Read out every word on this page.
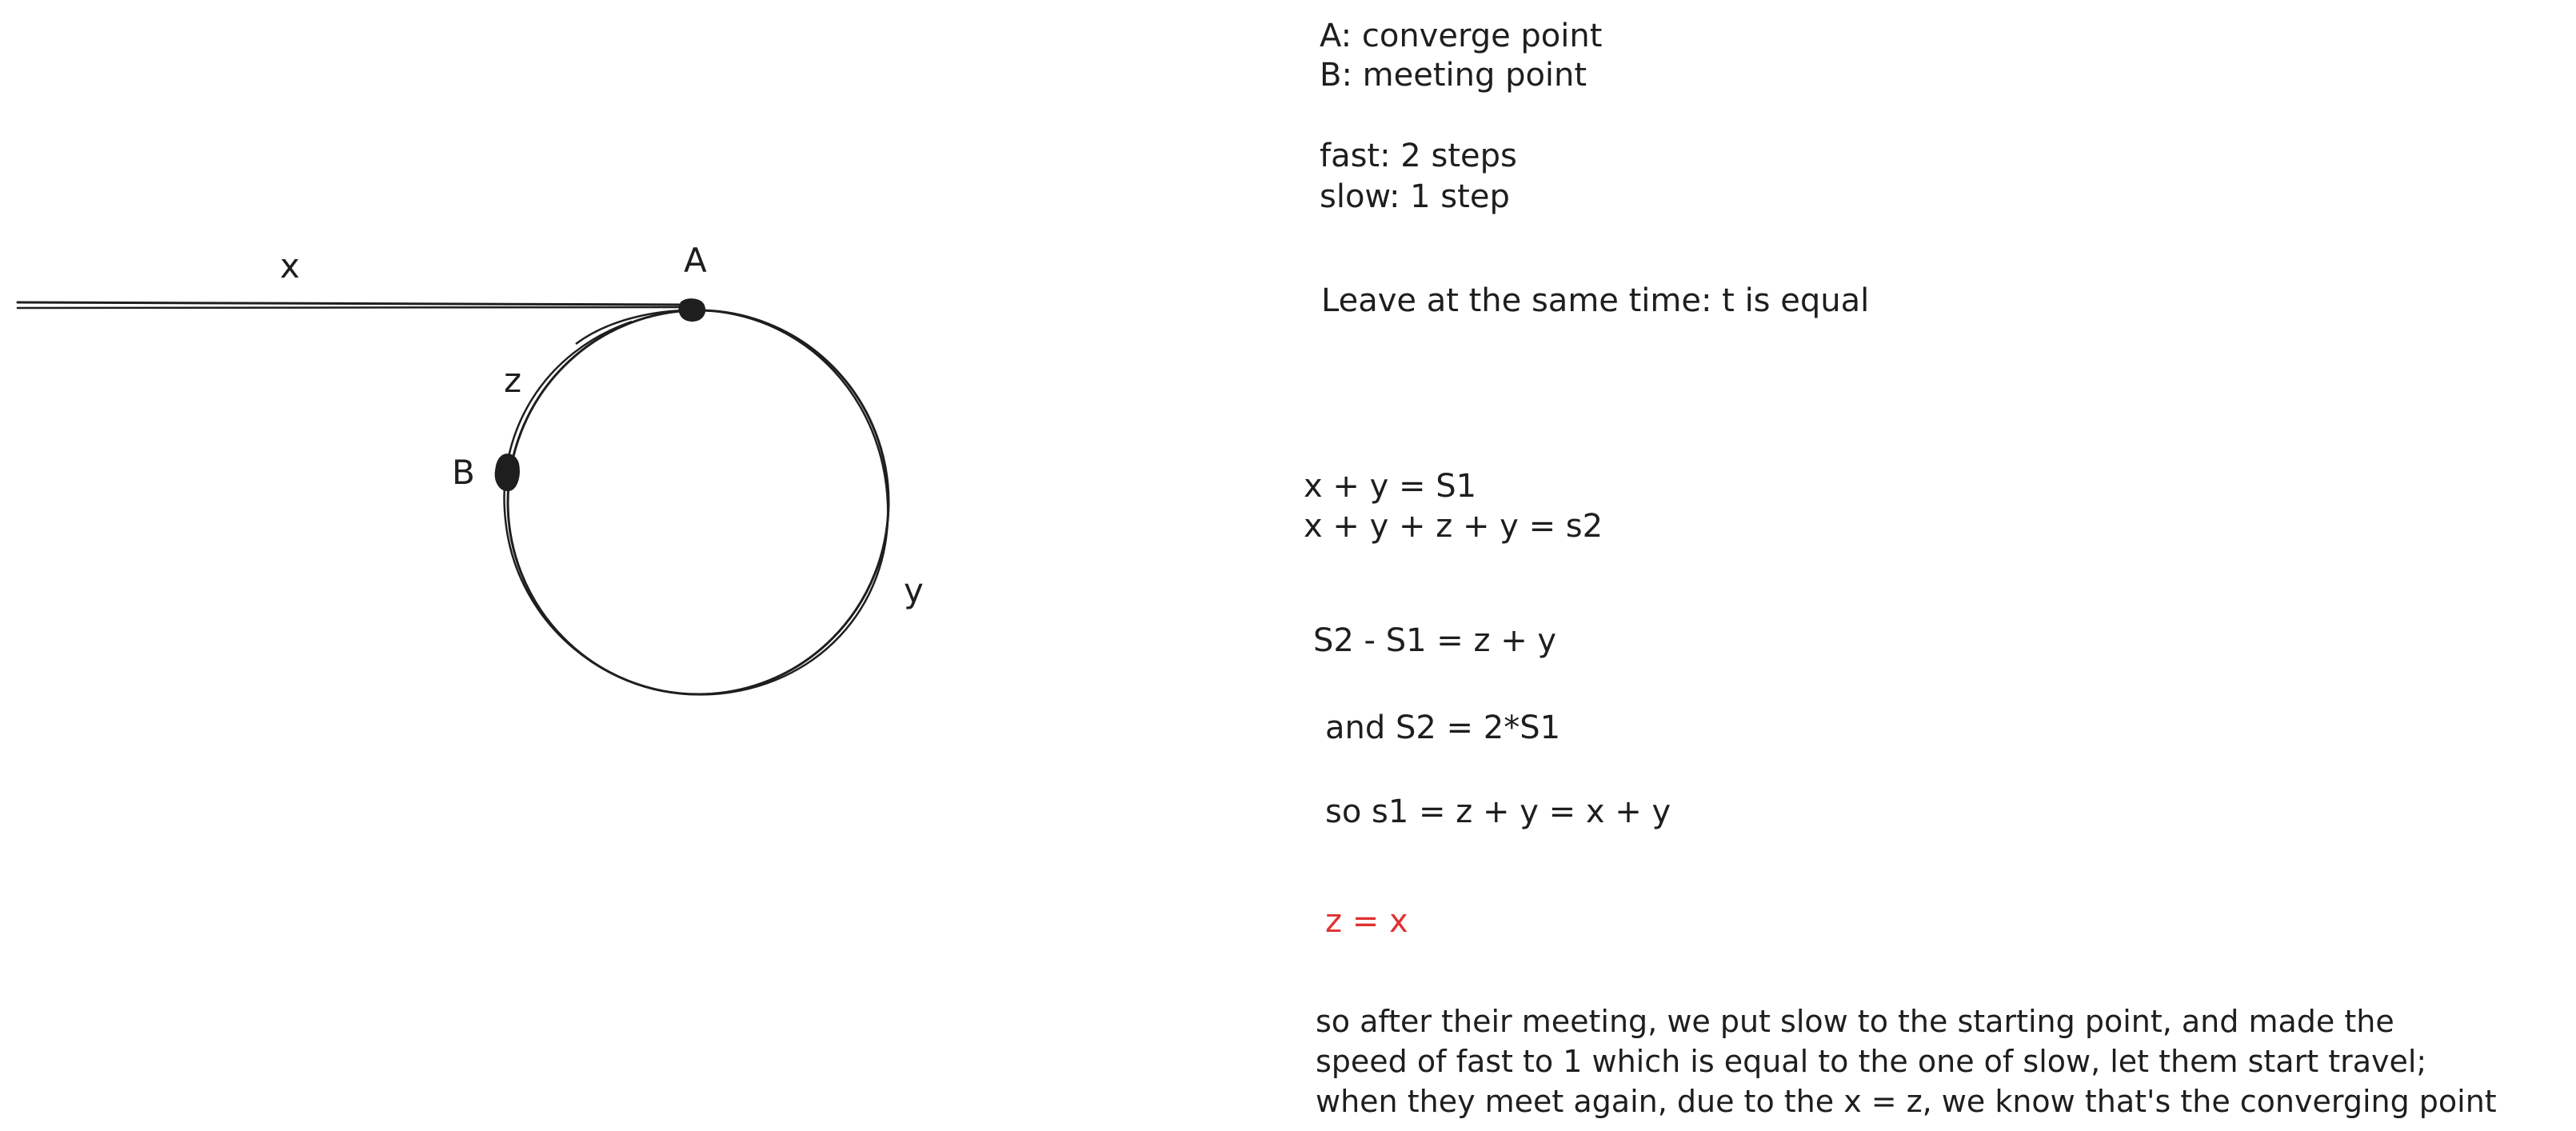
x	A
z
B
y
A: converge point
B: meeting point
fast: 2 steps
slow: 1 step
Leave at the same time: t is equal
x + y = S1
x + y + z + y = s2
S2 - S1 = z + y
and S2 = 2*S1
so s1 = z + y = x + y
z = x
so after their meeting, we put slow to the starting point, and made the
speed of fast to 1 which is equal to the one of slow, let them start travel;
when they meet again, due to the x = z, we know that's the converging point
